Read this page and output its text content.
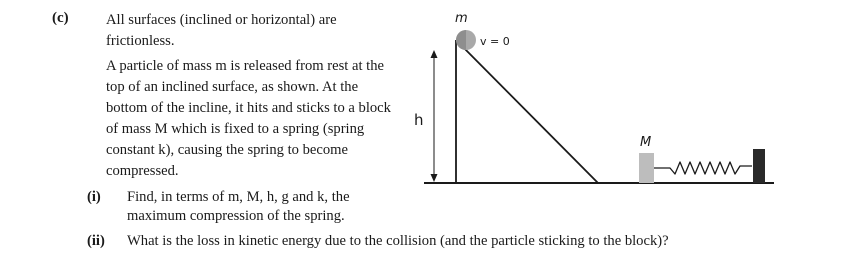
(c)	All surfaces (inclined or horizontal) are frictionless.

A particle of mass m is released from rest at the top of an inclined surface, as shown. At the bottom of the incline, it hits and sticks to a block of mass M which is fixed to a spring (spring constant k), causing the spring to become compressed.

(i) Find, in terms of m, M, h, g and k, the
maximum compression of the spring.
(ii) What is the loss in kinetic energy due to the collision (and the particle sticking to the block)?
h
m
v = 0
M
